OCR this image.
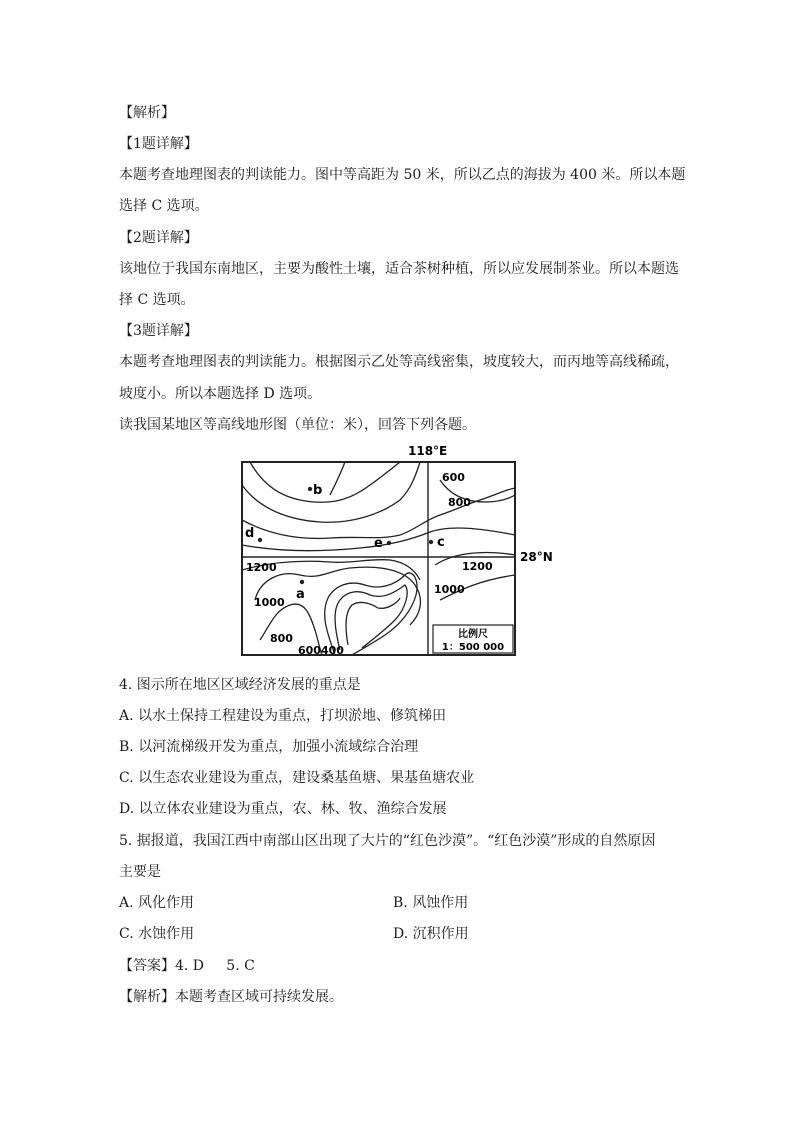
【解析】
【1题详解】
本题考查地理图表的判读能力。图中等高距为 50 米，所以乙点的海拔为 400 米。所以本题
选择 C 选项。
【2题详解】
该地位于我国东南地区，主要为酸性土壤，适合茶树种植，所以应发展制茶业。所以本题选
择 C 选项。
【3题详解】
本题考查地理图表的判读能力。根据图示乙处等高线密集，坡度较大，而丙地等高线稀疏，
坡度小。所以本题选择 D 选项。
读我国某地区等高线地形图（单位：米），回答下列各题。
比例尺
1：500 000
118°E
28°N
b
d
e	c
a
600
800
1200	1200
1000
1000
800
600400
4. 图示所在地区区域经济发展的重点是
A. 以水土保持工程建设为重点，打坝淤地、修筑梯田
B. 以河流梯级开发为重点，加强小流域综合治理
C. 以生态农业建设为重点，建设桑基鱼塘、果基鱼塘农业
D. 以立体农业建设为重点，农、林、牧、渔综合发展
5. 据报道，我国江西中南部山区出现了大片的“红色沙漠”。“红色沙漠”形成的自然原因
主要是
A. 风化作用	B. 风蚀作用
C. 水蚀作用	D. 沉积作用
【答案】4. D     5. C
【解析】本题考查区域可持续发展。
